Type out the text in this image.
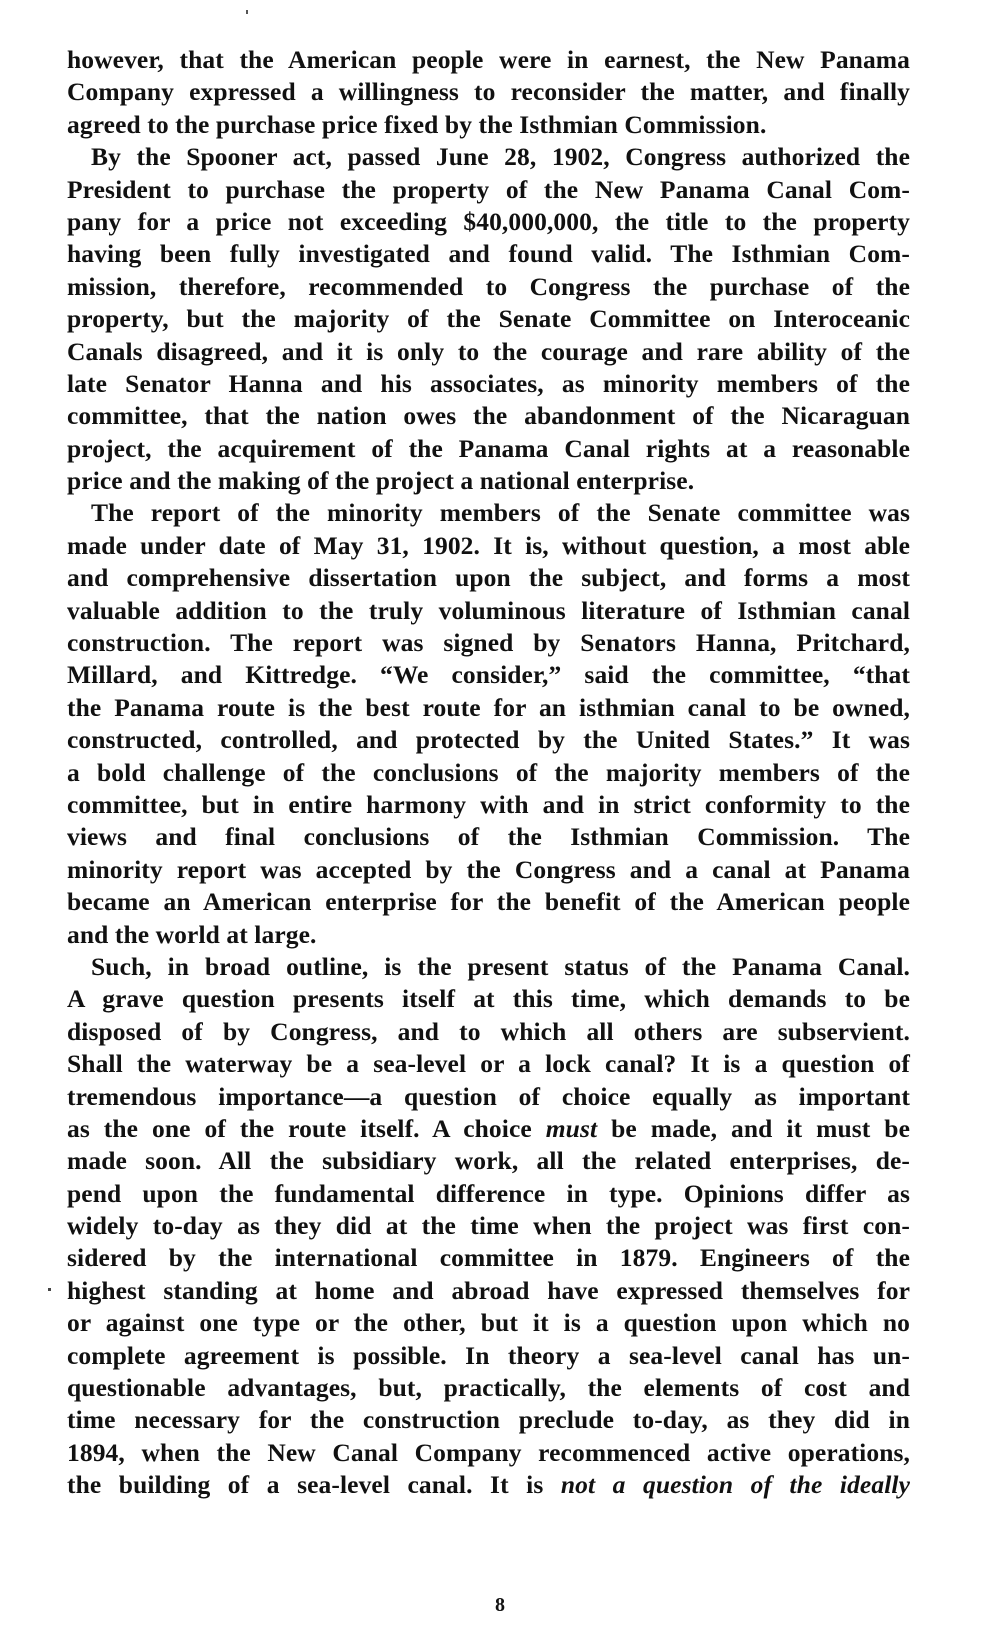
however, that the American people were in earnest, the New Panama
Company expressed a willingness to reconsider the matter, and finally
agreed to the purchase price fixed by the Isthmian Commission.
By the Spooner act, passed June 28, 1902, Congress authorized the
President to purchase the property of the New Panama Canal Com-
pany for a price not exceeding $40,000,000, the title to the property
having been fully investigated and found valid. The Isthmian Com-
mission, therefore, recommended to Congress the purchase of the
property, but the majority of the Senate Committee on Interoceanic
Canals disagreed, and it is only to the courage and rare ability of the
late Senator Hanna and his associates, as minority members of the
committee, that the nation owes the abandonment of the Nicaraguan
project, the acquirement of the Panama Canal rights at a reasonable
price and the making of the project a national enterprise.
The report of the minority members of the Senate committee was
made under date of May 31, 1902. It is, without question, a most able
and comprehensive dissertation upon the subject, and forms a most
valuable addition to the truly voluminous literature of Isthmian canal
construction. The report was signed by Senators Hanna, Pritchard,
Millard, and Kittredge. “We consider,” said the committee, “that
the Panama route is the best route for an isthmian canal to be owned,
constructed, controlled, and protected by the United States.” It was
a bold challenge of the conclusions of the majority members of the
committee, but in entire harmony with and in strict conformity to the
views and final conclusions of the Isthmian Commission. The
minority report was accepted by the Congress and a canal at Panama
became an American enterprise for the benefit of the American people
and the world at large.
Such, in broad outline, is the present status of the Panama Canal.
A grave question presents itself at this time, which demands to be
disposed of by Congress, and to which all others are subservient.
Shall the waterway be a sea-level or a lock canal? It is a question of
tremendous importance—a question of choice equally as important
as the one of the route itself. A choice must be made, and it must be
made soon. All the subsidiary work, all the related enterprises, de-
pend upon the fundamental difference in type. Opinions differ as
widely to-day as they did at the time when the project was first con-
sidered by the international committee in 1879. Engineers of the
highest standing at home and abroad have expressed themselves for
or against one type or the other, but it is a question upon which no
complete agreement is possible. In theory a sea-level canal has un-
questionable advantages, but, practically, the elements of cost and
time necessary for the construction preclude to-day, as they did in
1894, when the New Canal Company recommenced active operations,
the building of a sea-level canal. It is not a question of the ideally
8
